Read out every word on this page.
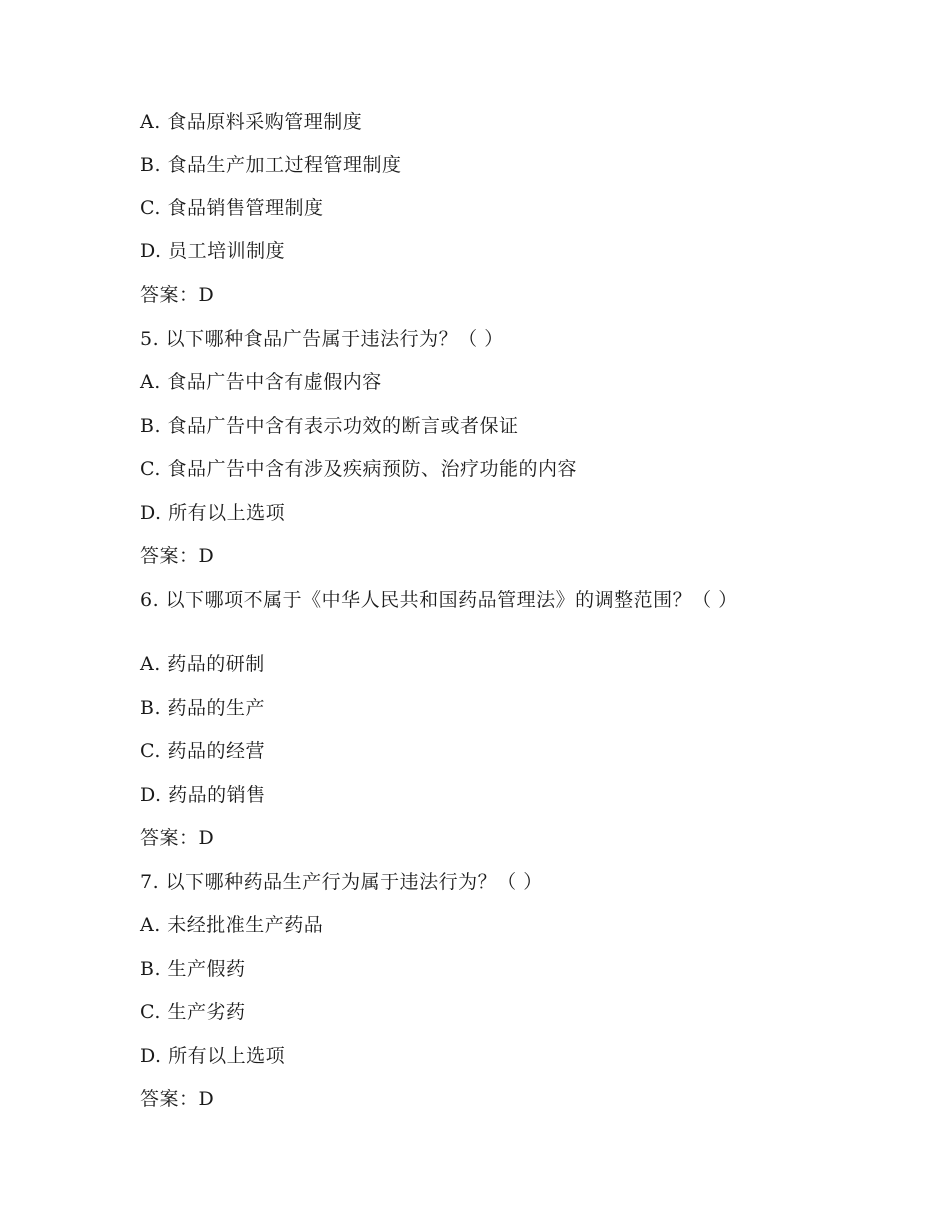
A. 食品原料采购管理制度
B. 食品生产加工过程管理制度
C. 食品销售管理制度
D. 员工培训制度
答案：D
5. 以下哪种食品广告属于违法行为？（ ）
A. 食品广告中含有虚假内容
B. 食品广告中含有表示功效的断言或者保证
C. 食品广告中含有涉及疾病预防、治疗功能的内容
D. 所有以上选项
答案：D
6. 以下哪项不属于《中华人民共和国药品管理法》的调整范围？（ ）
A. 药品的研制
B. 药品的生产
C. 药品的经营
D. 药品的销售
答案：D
7. 以下哪种药品生产行为属于违法行为？（ ）
A. 未经批准生产药品
B. 生产假药
C. 生产劣药
D. 所有以上选项
答案：D
